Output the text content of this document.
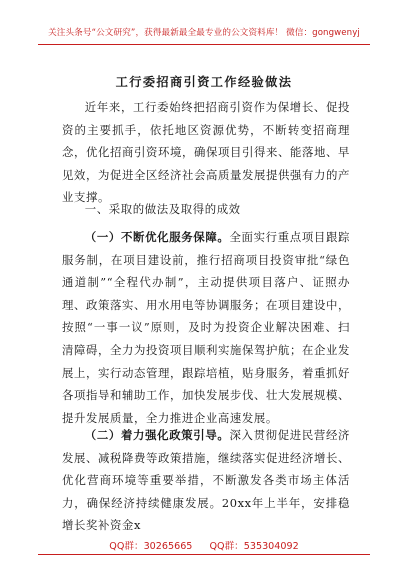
关注头条号“公文研究”，获得最新最全最专业的公文资料库！ 微信：gongwenyj
工行委招商引资工作经验做法

近年来，工行委始终把招商引资作为保增长、促投资的主要抓手，依托地区资源优势，不断转变招商理念，优化招商引资环境，确保项目引得来、能落地、早见效，为促进全区经济社会高质量发展提供强有力的产业支撑。

一、采取的做法及取得的成效

（一）不断优化服务保障。全面实行重点项目跟踪服务制，在项目建设前，推行招商项目投资审批“绿色通道制”“全程代办制”，主动提供项目落户、证照办理、政策落实、用水用电等协调服务；在项目建设中，按照“一事一议”原则，及时为投资企业解决困难、扫清障碍，全力为投资项目顺利实施保驾护航；在企业发展上，实行动态管理，跟踪培植，贴身服务，着重抓好各项指导和辅助工作，加快发展步伐、壮大发展规模、提升发展质量，全力推进企业高速发展。

（二）着力强化政策引导。深入贯彻促进民营经济发展、减税降费等政策措施，继续落实促进经济增长、优化营商环境等重要举措，不断激发各类市场主体活力，确保经济持续健康发展。20xx年上半年，安排稳增长奖补资金x

QQ群：30265665 QQ群：535304092
